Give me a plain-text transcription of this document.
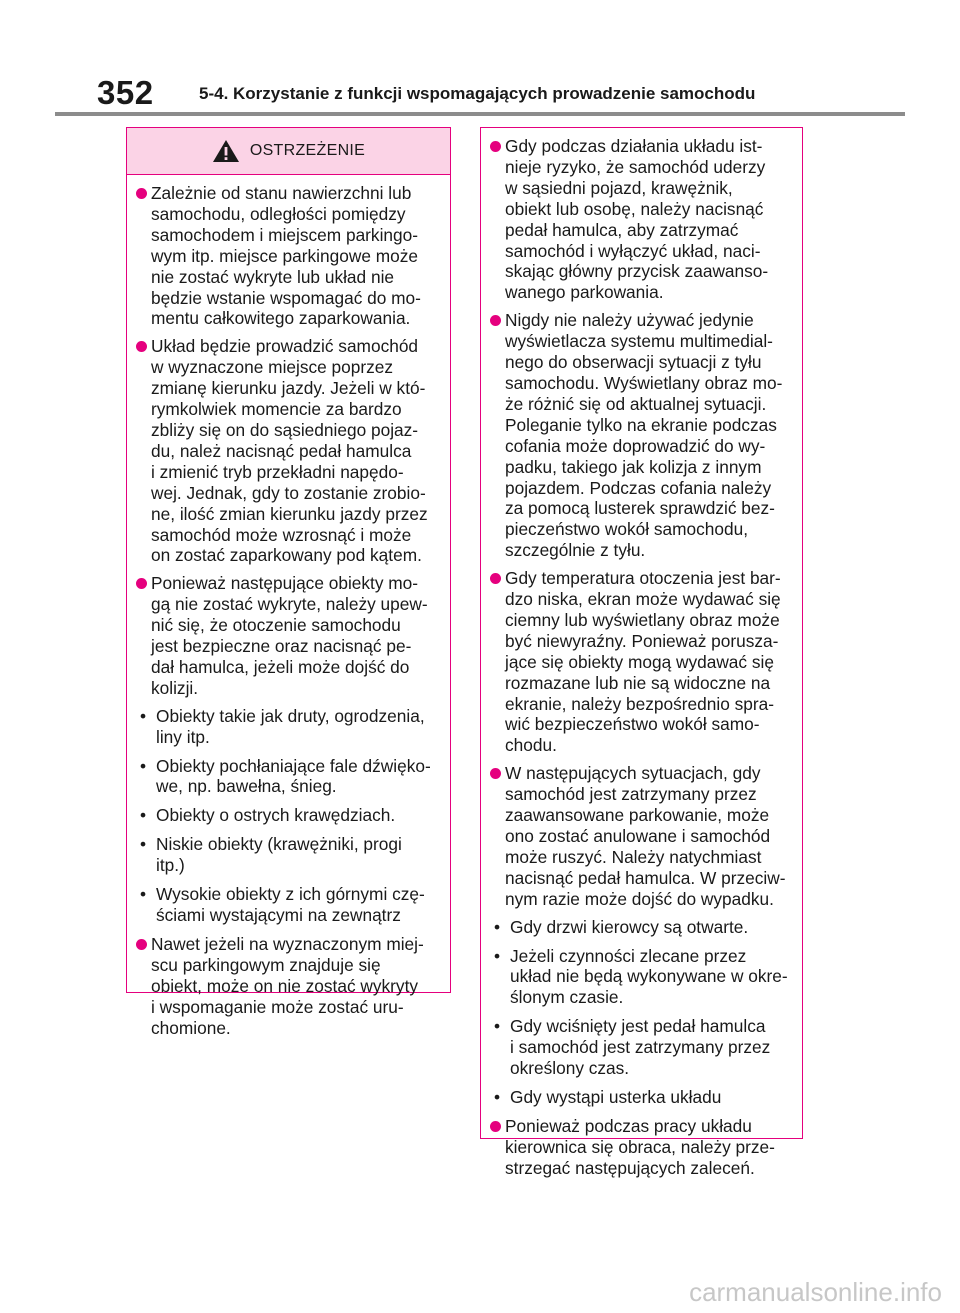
352	5-4. Korzystanie z funkcji wspomagających prowadzenie samochodu
OSTRZEŻENIE
Zależnie od stanu nawierzchni lub
samochodu, odległości pomiędzy
samochodem i miejscem parkingo-
wym itp. miejsce parkingowe może
nie zostać wykryte lub układ nie
będzie wstanie wspomagać do mo-
mentu całkowitego zaparkowania.
Układ będzie prowadzić samochód
w wyznaczone miejsce poprzez
zmianę kierunku jazdy. Jeżeli w któ-
rymkolwiek momencie za bardzo
zbliży się on do sąsiedniego pojaz-
du, należ nacisnąć pedał hamulca
i zmienić tryb przekładni napędo-
wej. Jednak, gdy to zostanie zrobio-
ne, ilość zmian kierunku jazdy przez
samochód może wzrosnąć i może
on zostać zaparkowany pod kątem.
Ponieważ następujące obiekty mo-
gą nie zostać wykryte, należy upew-
nić się, że otoczenie samochodu
jest bezpieczne oraz nacisnąć pe-
dał hamulca, jeżeli może dojść do
kolizji.
• Obiekty takie jak druty, ogrodzenia,
liny itp.
• Obiekty pochłaniające fale dźwięko-
we, np. bawełna, śnieg.
• Obiekty o ostrych krawędziach.
• Niskie obiekty (krawężniki, progi
itp.)
• Wysokie obiekty z ich górnymi czę-
ściami wystającymi na zewnątrz
Nawet jeżeli na wyznaczonym miej-
scu parkingowym znajduje się
obiekt, może on nie zostać wykryty
i wspomaganie może zostać uru-
chomione.
Gdy podczas działania układu ist-
nieje ryzyko, że samochód uderzy
w sąsiedni pojazd, krawężnik,
obiekt lub osobę, należy nacisnąć
pedał hamulca, aby zatrzymać
samochód i wyłączyć układ, naci-
skając główny przycisk zaawanso-
wanego parkowania.
Nigdy nie należy używać jedynie
wyświetlacza systemu multimedial-
nego do obserwacji sytuacji z tyłu
samochodu. Wyświetlany obraz mo-
że różnić się od aktualnej sytuacji.
Poleganie tylko na ekranie podczas
cofania może doprowadzić do wy-
padku, takiego jak kolizja z innym
pojazdem. Podczas cofania należy
za pomocą lusterek sprawdzić bez-
pieczeństwo wokół samochodu,
szczególnie z tyłu.
Gdy temperatura otoczenia jest bar-
dzo niska, ekran może wydawać się
ciemny lub wyświetlany obraz może
być niewyraźny. Ponieważ porusza-
jące się obiekty mogą wydawać się
rozmazane lub nie są widoczne na
ekranie, należy bezpośrednio spra-
wić bezpieczeństwo wokół samo-
chodu.
W następujących sytuacjach, gdy
samochód jest zatrzymany przez
zaawansowane parkowanie, może
ono zostać anulowane i samochód
może ruszyć. Należy natychmiast
nacisnąć pedał hamulca. W przeciw-
nym razie może dojść do wypadku.
• Gdy drzwi kierowcy są otwarte.
• Jeżeli czynności zlecane przez
układ nie będą wykonywane w okre-
ślonym czasie.
• Gdy wciśnięty jest pedał hamulca
i samochód jest zatrzymany przez
określony czas.
• Gdy wystąpi usterka układu
Ponieważ podczas pracy układu
kierownica się obraca, należy prze-
strzegać następujących zaleceń.
carmanualsonline.info
